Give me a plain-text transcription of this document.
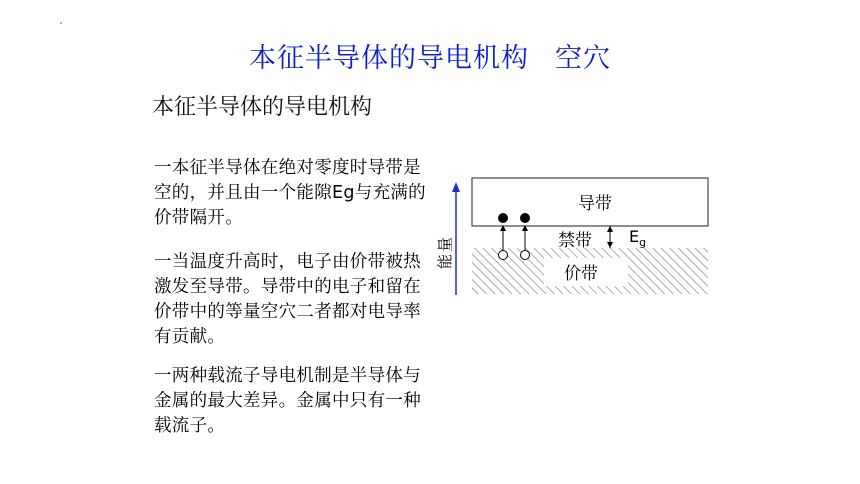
本征半导体的导电机构 空穴
本征半导体的导电机构
一本征半导体在绝对零度时导带是空的，并且由一个能隙Eg与充满的价带隔开。
一当温度升高时，电子由价带被热激发至导带。导带中的电子和留在价带中的等量空穴二者都对电导率有贡献。
一两种载流子导电机制是半导体与金属的最大差异。金属中只有一种载流子。
能量
导带
价带
禁带 $E_g$
